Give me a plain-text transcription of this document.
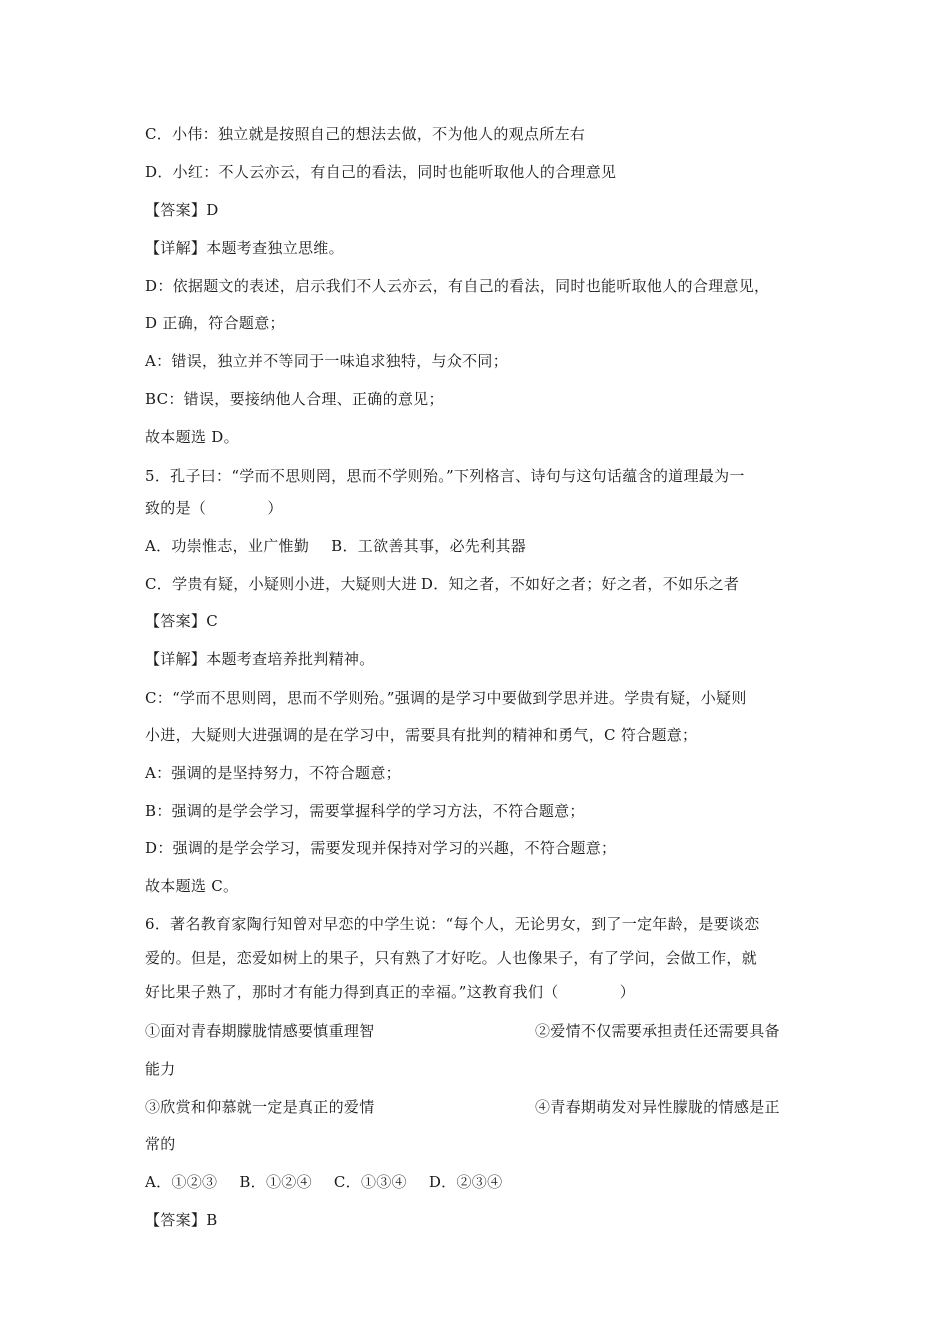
C．小伟：独立就是按照自己的想法去做，不为他人的观点所左右
D．小红：不人云亦云，有自己的看法，同时也能听取他人的合理意见
【答案】D
【详解】本题考查独立思维。
D：依据题文的表述，启示我们不人云亦云，有自己的看法，同时也能听取他人的合理意见，
D 正确，符合题意；
A：错误，独立并不等同于一味追求独特，与众不同；
BC：错误，要接纳他人合理、正确的意见；
故本题选 D。
5．孔子曰：“学而不思则罔，思而不学则殆。”下列格言、诗句与这句话蕴含的道理最为一
致的是（　　　　）
A．功崇惟志，业广惟勤 B．工欲善其事，必先利其器
C．学贵有疑，小疑则小进，大疑则大进 D．知之者，不如好之者；好之者，不如乐之者
【答案】C
【详解】本题考查培养批判精神。
C：“学而不思则罔，思而不学则殆。”强调的是学习中要做到学思并进。学贵有疑，小疑则
小进，大疑则大进强调的是在学习中，需要具有批判的精神和勇气，C 符合题意；
A：强调的是坚持努力，不符合题意；
B：强调的是学会学习，需要掌握科学的学习方法，不符合题意；
D：强调的是学会学习，需要发现并保持对学习的兴趣，不符合题意；
故本题选 C。
6．著名教育家陶行知曾对早恋的中学生说：“每个人，无论男女，到了一定年龄，是要谈恋
爱的。但是，恋爱如树上的果子，只有熟了才好吃。人也像果子，有了学问，会做工作，就
好比果子熟了，那时才有能力得到真正的幸福。”这教育我们（　　　　）
①面对青春期朦胧情感要慎重理智	②爱情不仅需要承担责任还需要具备
能力
③欣赏和仰慕就一定是真正的爱情	④青春期萌发对异性朦胧的情感是正
常的
A．①②③ B．①②④ C．①③④ D．②③④
【答案】B
